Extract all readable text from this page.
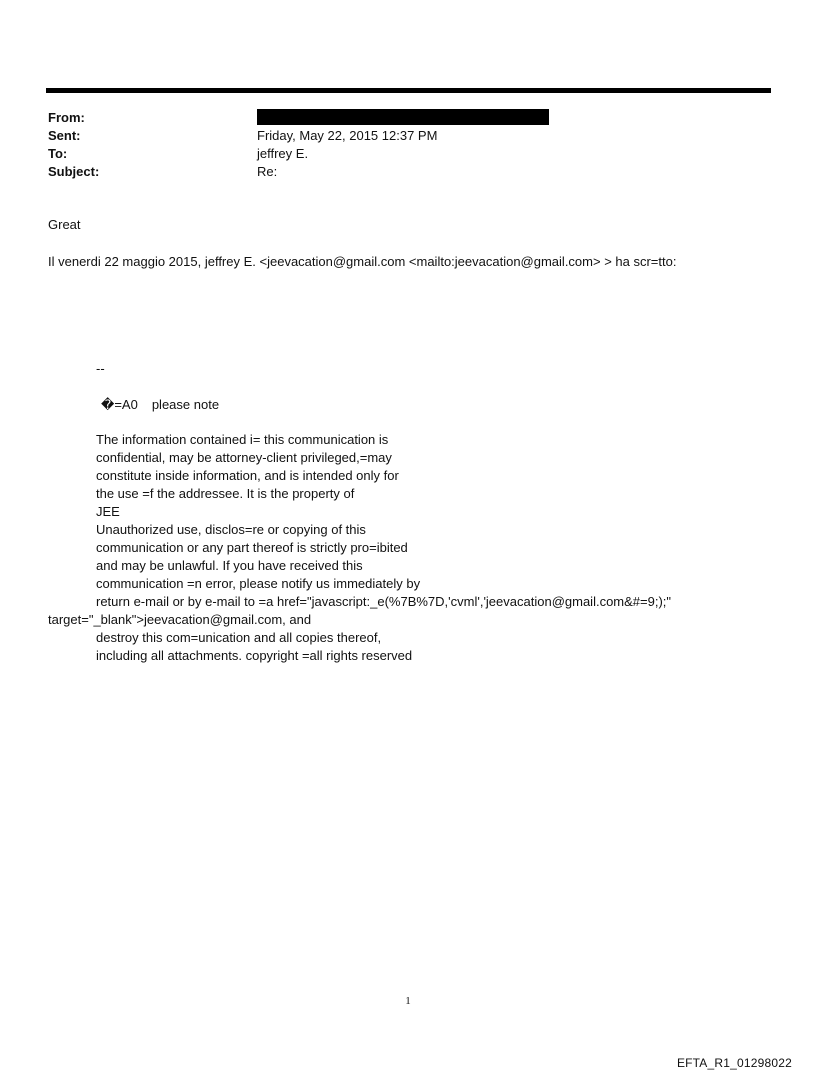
From:
Sent:	Friday, May 22, 2015 12:37 PM
To:	jeffrey E.
Subject:	Re:
Great
Il venerdi 22 maggio 2015, jeffrey E. <jeevacation@gmail.com <mailto:jeevacation@gmail.com> > ha scr=tto:
--
�=A0 please note
The information contained i= this communication is
confidential, may be attorney-client privileged,=may
constitute inside information, and is intended only for
the use =f the addressee. It is the property of
JEE
Unauthorized use, disclos=re or copying of this
communication or any part thereof is strictly pro=ibited
and may be unlawful. If you have received this
communication =n error, please notify us immediately by
return e-mail or by e-mail to =a href="javascript:_e(%7B%7D,'cvml','jeevacation@gmail.com&#=9;);"
target="_blank">jeevacation@gmail.com, and
destroy this com=unication and all copies thereof,
including all attachments. copyright =all rights reserved
1
EFTA_R1_01298022
